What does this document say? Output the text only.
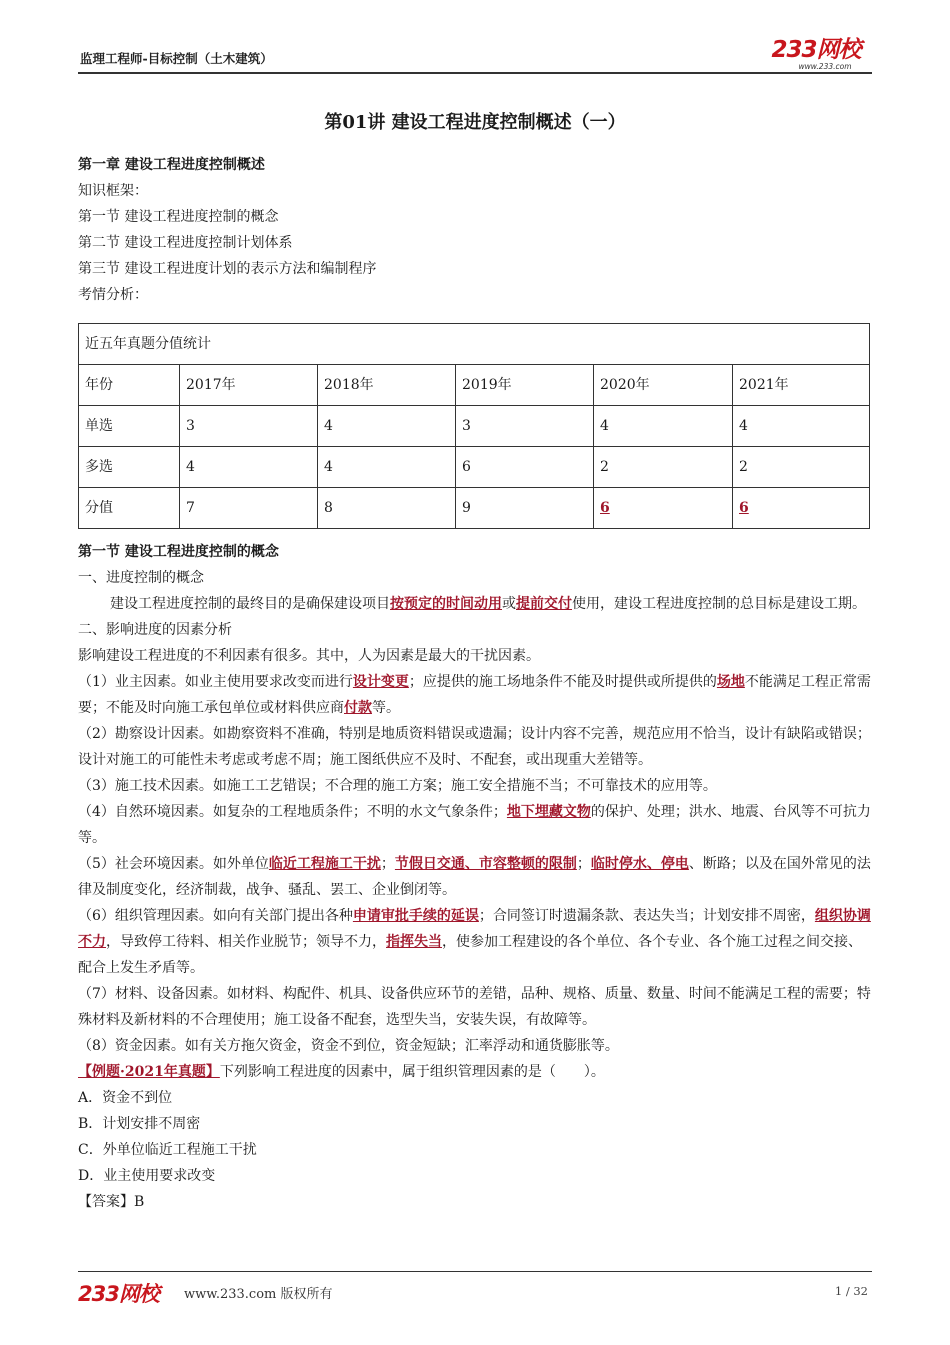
监理工程师-目标控制（土木建筑）	233网校
www.233.com
第01讲 建设工程进度控制概述（一）

第一章 建设工程进度控制概述

知识框架：

第一节 建设工程进度控制的概念

第二节 建设工程进度控制计划体系

第三节 建设工程进度计划的表示方法和编制程序

考情分析：

近五年真题分值统计					
年份	2017年	2018年	2019年	2020年	2021年
单选	3	4	3	4	4
多选	4	4	6	2	2
分值	7	8	9	6	6

第一节 建设工程进度控制的概念

一、进度控制的概念

建设工程进度控制的最终目的是确保建设项目按预定的时间动用或提前交付使用，建设工程进度控制的总目标是建设工期。

二、影响进度的因素分析

影响建设工程进度的不利因素有很多。其中，人为因素是最大的干扰因素。

（1）业主因素。如业主使用要求改变而进行设计变更；应提供的施工场地条件不能及时提供或所提供的场地不能满足工程正常需要；不能及时向施工承包单位或材料供应商付款等。

（2）勘察设计因素。如勘察资料不准确，特别是地质资料错误或遗漏；设计内容不完善，规范应用不恰当，设计有缺陷或错误；设计对施工的可能性未考虑或考虑不周；施工图纸供应不及时、不配套，或出现重大差错等。

（3）施工技术因素。如施工工艺错误；不合理的施工方案；施工安全措施不当；不可靠技术的应用等。

（4）自然环境因素。如复杂的工程地质条件；不明的水文气象条件；地下埋藏文物的保护、处理；洪水、地震、台风等不可抗力等。

（5）社会环境因素。如外单位临近工程施工干扰；节假日交通、市容整顿的限制；临时停水、停电、断路；以及在国外常见的法律及制度变化，经济制裁，战争、骚乱、罢工、企业倒闭等。

（6）组织管理因素。如向有关部门提出各种申请审批手续的延误；合同签订时遗漏条款、表达失当；计划安排不周密，组织协调不力，导致停工待料、相关作业脱节；领导不力，指挥失当，使参加工程建设的各个单位、各个专业、各个施工过程之间交接、配合上发生矛盾等。

（7）材料、设备因素。如材料、构配件、机具、设备供应环节的差错，品种、规格、质量、数量、时间不能满足工程的需要；特殊材料及新材料的不合理使用；施工设备不配套，选型失当，安装失误，有故障等。

（8）资金因素。如有关方拖欠资金，资金不到位，资金短缺；汇率浮动和通货膨胀等。

【例题·2021年真题】下列影响工程进度的因素中，属于组织管理因素的是（　　）。

A．资金不到位

B．计划安排不周密

C．外单位临近工程施工干扰

D．业主使用要求改变

【答案】B

233网校 www.233.com 版权所有	1 / 32
